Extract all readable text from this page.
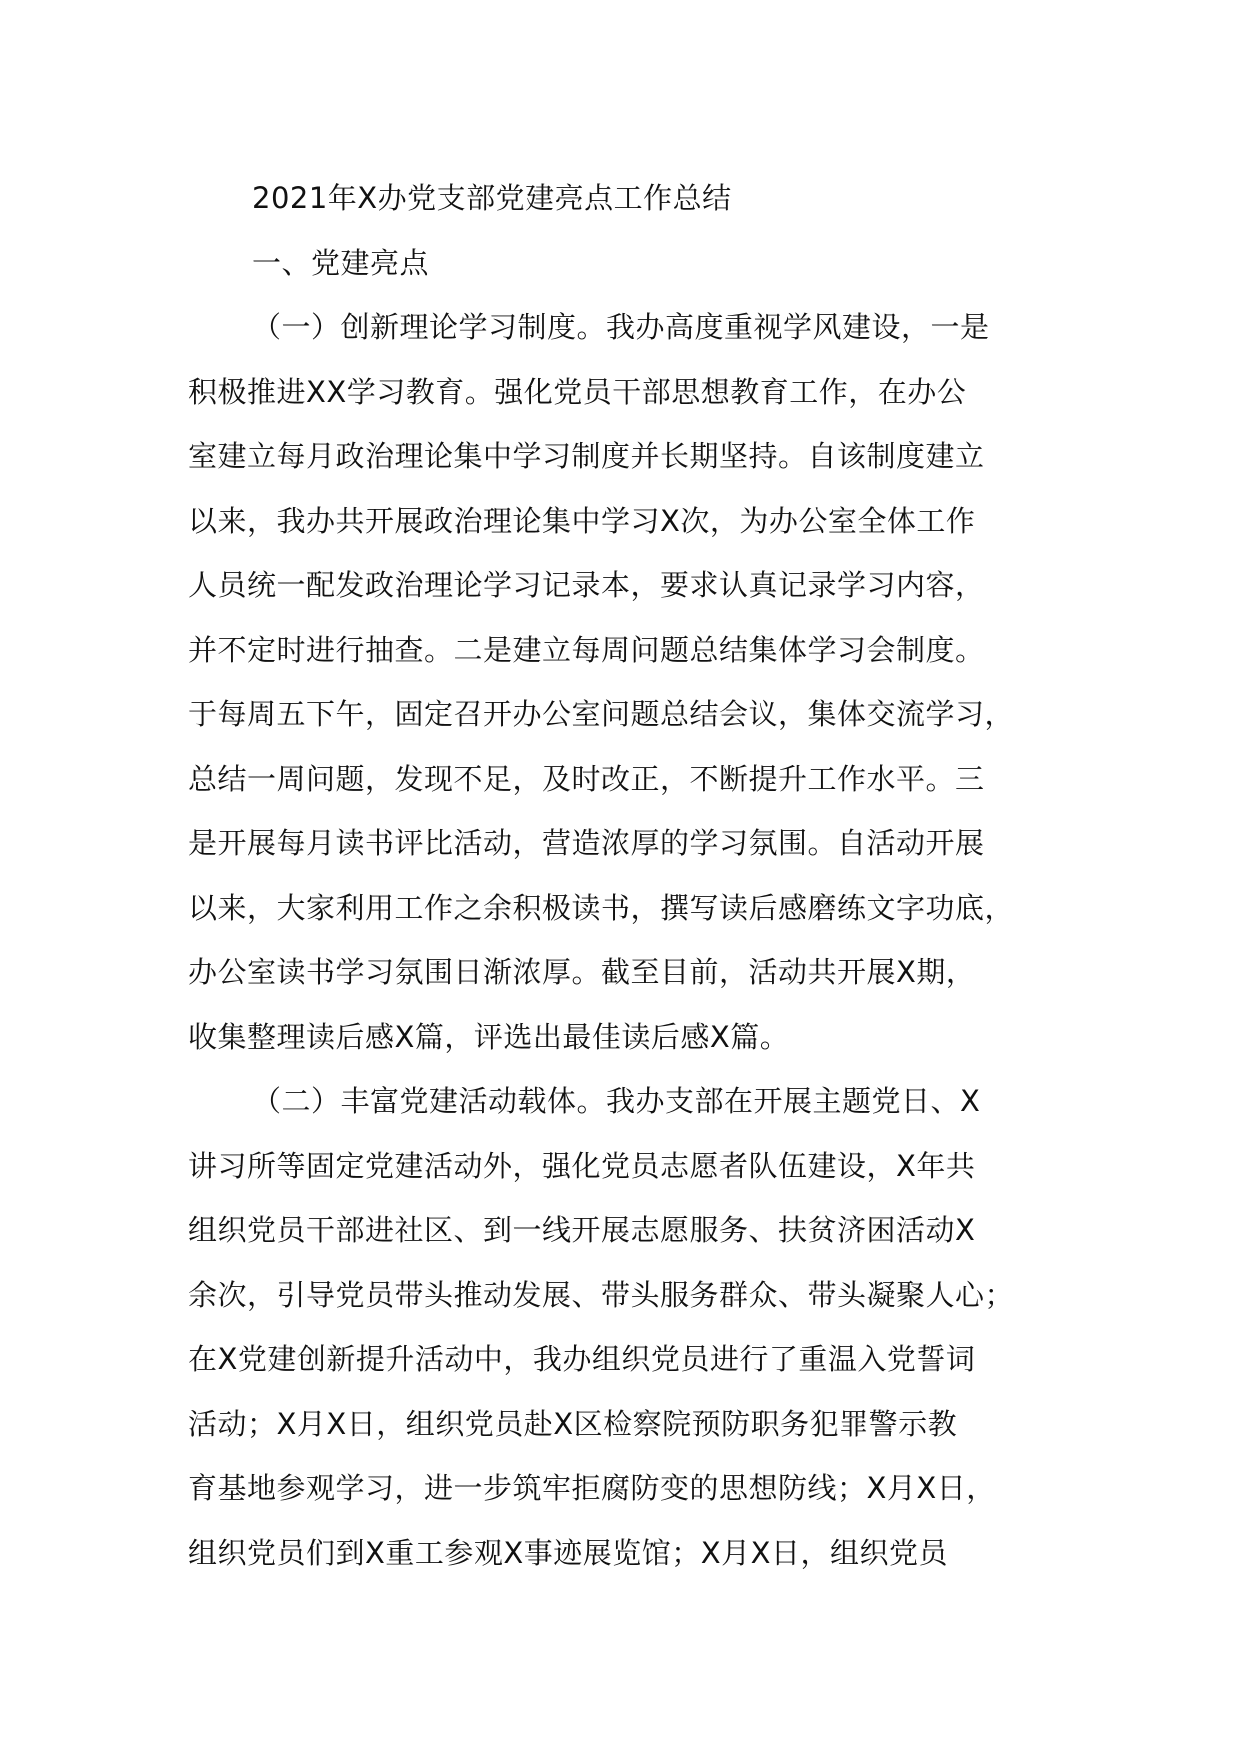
2021年X办党支部党建亮点工作总结
一、党建亮点
（一）创新理论学习制度。我办高度重视学风建设，一是
积极推进XX学习教育。强化党员干部思想教育工作，在办公
室建立每月政治理论集中学习制度并长期坚持。自该制度建立
以来，我办共开展政治理论集中学习X次，为办公室全体工作
人员统一配发政治理论学习记录本，要求认真记录学习内容，
并不定时进行抽查。二是建立每周问题总结集体学习会制度。
于每周五下午，固定召开办公室问题总结会议，集体交流学习，
总结一周问题，发现不足，及时改正，不断提升工作水平。三
是开展每月读书评比活动，营造浓厚的学习氛围。自活动开展
以来，大家利用工作之余积极读书，撰写读后感磨练文字功底，
办公室读书学习氛围日渐浓厚。截至目前，活动共开展X期，
收集整理读后感X篇，评选出最佳读后感X篇。
（二）丰富党建活动载体。我办支部在开展主题党日、X
讲习所等固定党建活动外，强化党员志愿者队伍建设，X年共
组织党员干部进社区、到一线开展志愿服务、扶贫济困活动X
余次，引导党员带头推动发展、带头服务群众、带头凝聚人心；
在X党建创新提升活动中，我办组织党员进行了重温入党誓词
活动；X月X日，组织党员赴X区检察院预防职务犯罪警示教
育基地参观学习，进一步筑牢拒腐防变的思想防线；X月X日，
组织党员们到X重工参观X事迹展览馆；X月X日，组织党员
